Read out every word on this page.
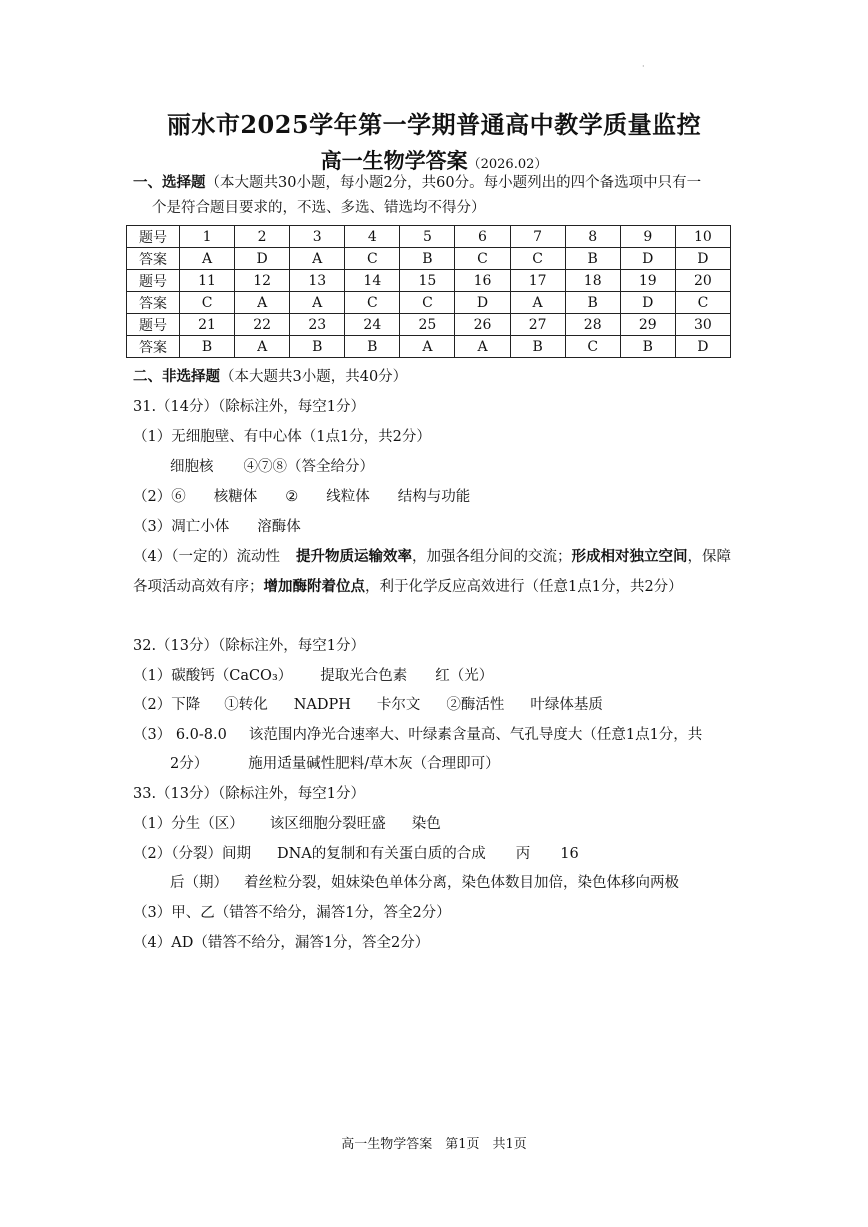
·
丽水市2025学年第一学期普通高中教学质量监控
高一生物学答案（2026.02）
一、选择题（本大题共30小题，每小题2分，共60分。每小题列出的四个备选项中只有一
个是符合题目要求的，不选、多选、错选均不得分）
题号	1	2	3	4	5	6	7	8	9	10
答案	A	D	A	C	B	C	C	B	D	D
题号	11	12	13	14	15	16	17	18	19	20
答案	C	A	A	C	C	D	A	B	D	C
题号	21	22	23	24	25	26	27	28	29	30
答案	B	A	B	B	A	A	B	C	B	D
二、非选择题（本大题共3小题，共40分）
31.（14分）（除标注外，每空1分）
（1）无细胞壁、有中心体（1点1分，共2分）
细胞核 ④⑦⑧（答全给分）
（2）⑥ 核糖体 ② 线粒体 结构与功能
（3）凋亡小体 溶酶体
（4）（一定的）流动性 提升物质运输效率，加强各组分间的交流；形成相对独立空间，保障各项活动高效有序；增加酶附着位点，利于化学反应高效进行（任意1点1分，共2分）
32.（13分）（除标注外，每空1分）
（1）碳酸钙（CaCO₃） 提取光合色素 红（光）
（2）下降 ①转化 NADPH 卡尔文 ②酶活性 叶绿体基质
（3） 6.0-8.0 该范围内净光合速率大、叶绿素含量高、气孔导度大（任意1点1分，共
2分）	施用适量碱性肥料/草木灰（合理即可）
33.（13分）（除标注外，每空1分）
（1）分生（区） 该区细胞分裂旺盛 染色
（2）（分裂）间期 DNA的复制和有关蛋白质的合成 丙 16
后（期） 着丝粒分裂，姐妹染色单体分离，染色体数目加倍，染色体移向两极
（3）甲、乙（错答不给分，漏答1分，答全2分）
（4）AD（错答不给分，漏答1分，答全2分）
高一生物学答案　第1页　共1页
